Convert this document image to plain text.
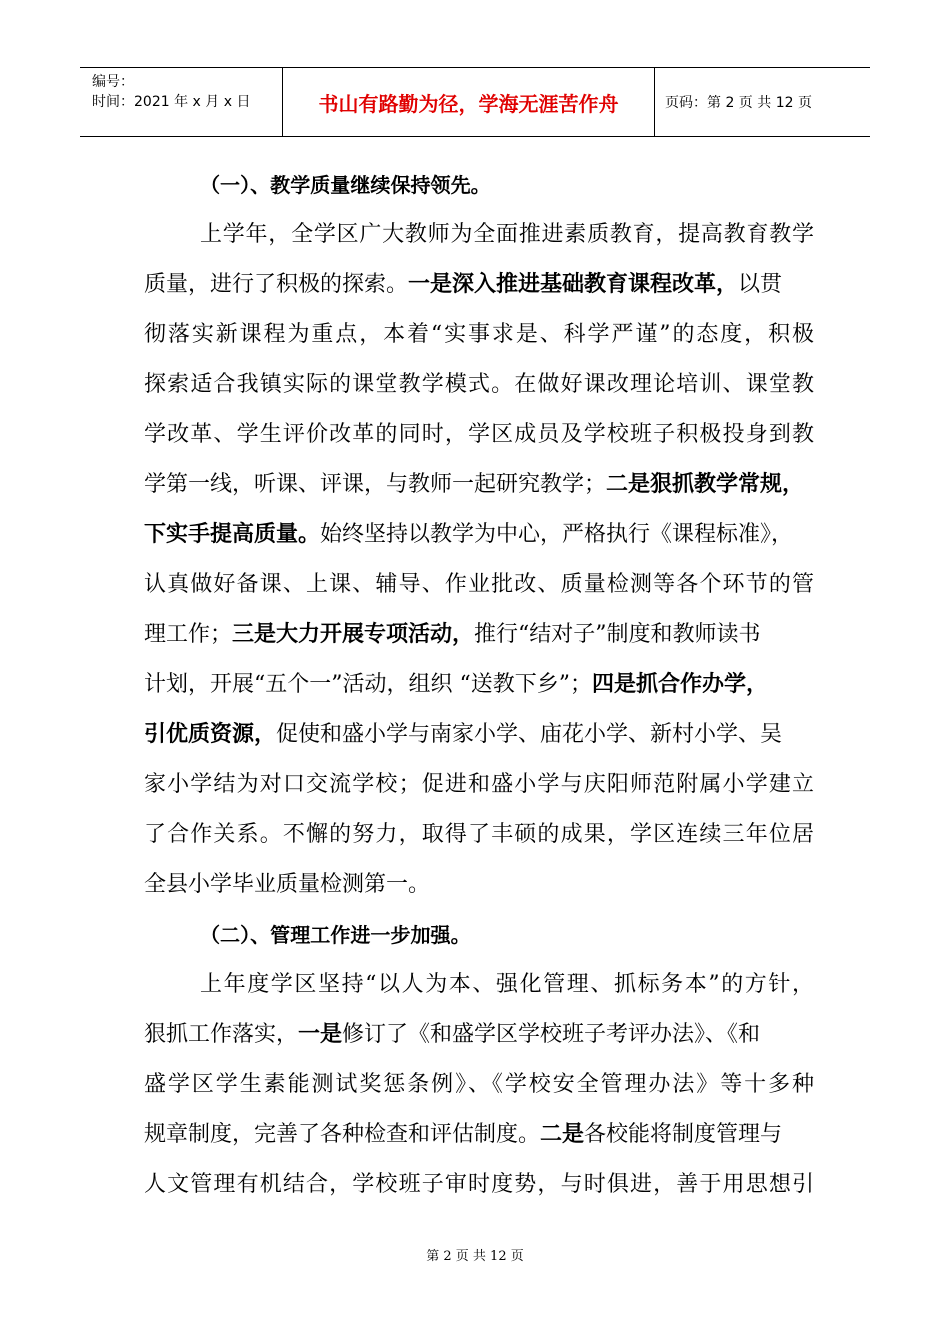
编号：
时间：2021 年 x 月 x 日	书山有路勤为径，学海无涯苦作舟	页码：第 2 页 共 12 页
（一）、教学质量继续保持领先。
上学年，全学区广大教师为全面推进素质教育，提高教育教学
质量，进行了积极的探索。一是深入推进基础教育课程改革，以贯
彻落实新课程为重点，本着“实事求是、科学严谨”的态度，积极
探索适合我镇实际的课堂教学模式。在做好课改理论培训、课堂教
学改革、学生评价改革的同时，学区成员及学校班子积极投身到教
学第一线，听课、评课，与教师一起研究教学；二是狠抓教学常规，
下实手提高质量。始终坚持以教学为中心，严格执行《课程标准》，
认真做好备课、上课、辅导、作业批改、质量检测等各个环节的管
理工作；三是大力开展专项活动，推行“结对子”制度和教师读书
计划，开展“五个一”活动，组织 “送教下乡”；四是抓合作办学，
引优质资源，促使和盛小学与南家小学、庙花小学、新村小学、吴
家小学结为对口交流学校；促进和盛小学与庆阳师范附属小学建立
了合作关系。不懈的努力，取得了丰硕的成果，学区连续三年位居
全县小学毕业质量检测第一。
（二）、管理工作进一步加强。
上年度学区坚持“以人为本、强化管理、抓标务本”的方针，
狠抓工作落实，一是修订了《和盛学区学校班子考评办法》、《和
盛学区学生素能测试奖惩条例》、《学校安全管理办法》等十多种
规章制度，完善了各种检查和评估制度。二是各校能将制度管理与
人文管理有机结合，学校班子审时度势，与时俱进，善于用思想引
第 2 页 共 12 页
